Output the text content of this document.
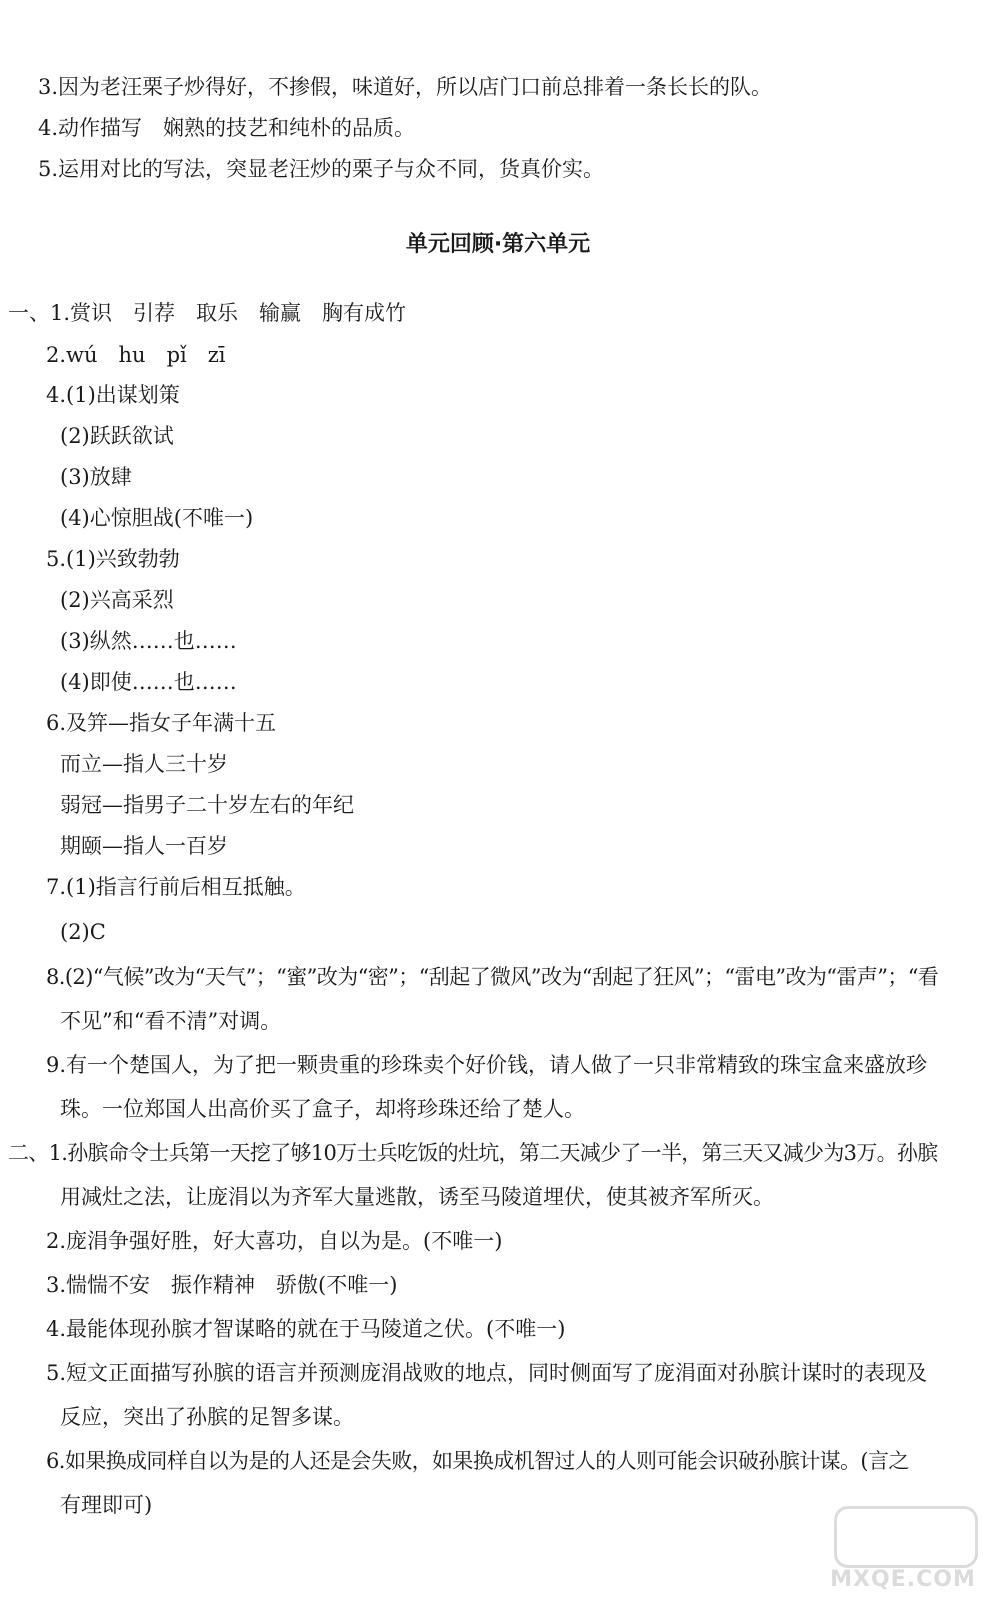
3.因为老汪栗子炒得好，不掺假，味道好，所以店门口前总排着一条长长的队。
4.动作描写　娴熟的技艺和纯朴的品质。
5.运用对比的写法，突显老汪炒的栗子与众不同，货真价实。
单元回顾·第六单元
一、1.赏识　引荐　取乐　输赢　胸有成竹
2.wú　hu　pǐ　zī
4.(1)出谋划策
(2)跃跃欲试
(3)放肆
(4)心惊胆战(不唯一)
5.(1)兴致勃勃
(2)兴高采烈
(3)纵然……也……
(4)即使……也……
6.及笄—指女子年满十五
而立—指人三十岁
弱冠—指男子二十岁左右的年纪
期颐—指人一百岁
7.(1)指言行前后相互抵触。
(2)C
8.(2)“气候”改为“天气”；“蜜”改为“密”；“刮起了微风”改为“刮起了狂风”；“雷电”改为“雷声”；“看
不见”和“看不清”对调。
9.有一个楚国人，为了把一颗贵重的珍珠卖个好价钱，请人做了一只非常精致的珠宝盒来盛放珍
珠。一位郑国人出高价买了盒子，却将珍珠还给了楚人。
二、1.孙膑命令士兵第一天挖了够10万士兵吃饭的灶坑，第二天减少了一半，第三天又减少为3万。孙膑
用减灶之法，让庞涓以为齐军大量逃散，诱至马陵道埋伏，使其被齐军所灭。
2.庞涓争强好胜，好大喜功，自以为是。(不唯一)
3.惴惴不安　振作精神　骄傲(不唯一)
4.最能体现孙膑才智谋略的就在于马陵道之伏。(不唯一)
5.短文正面描写孙膑的语言并预测庞涓战败的地点，同时侧面写了庞涓面对孙膑计谋时的表现及
反应，突出了孙膑的足智多谋。
6.如果换成同样自以为是的人还是会失败，如果换成机智过人的人则可能会识破孙膑计谋。(言之
有理即可)
MXQE.COM
